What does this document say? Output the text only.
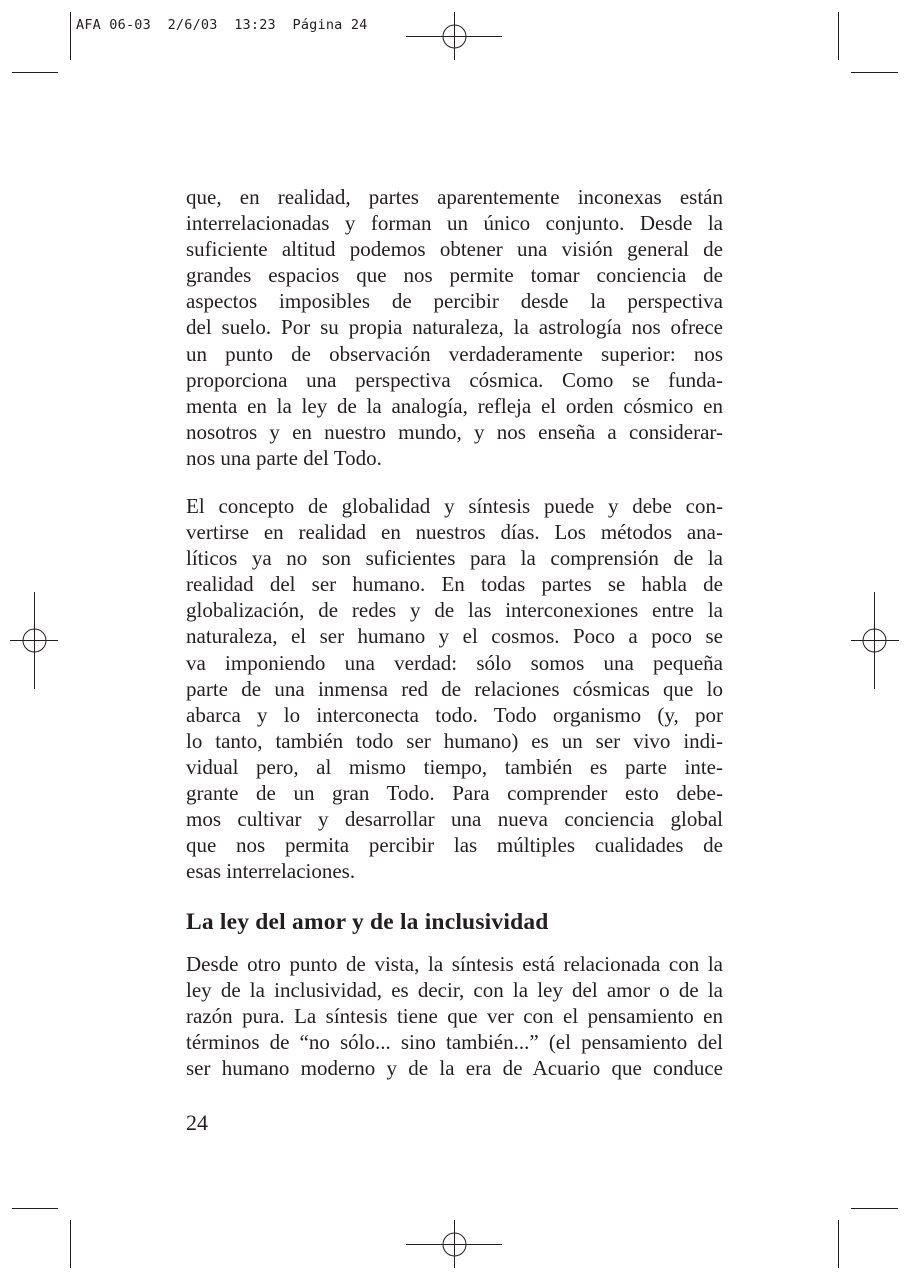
AFA 06-03  2/6/03  13:23  Página 24
que, en realidad, partes aparentemente inconexas están
interrelacionadas y forman un único conjunto. Desde la
suficiente altitud podemos obtener una visión general de
grandes espacios que nos permite tomar conciencia de
aspectos imposibles de percibir desde la perspectiva
del suelo. Por su propia naturaleza, la astrología nos ofrece
un punto de observación verdaderamente superior: nos
proporciona una perspectiva cósmica. Como se funda-
menta en la ley de la analogía, refleja el orden cósmico en
nosotros y en nuestro mundo, y nos enseña a considerar-
nos una parte del Todo.
El concepto de globalidad y síntesis puede y debe con-
vertirse en realidad en nuestros días. Los métodos ana-
líticos ya no son suficientes para la comprensión de la
realidad del ser humano. En todas partes se habla de
globalización, de redes y de las interconexiones entre la
naturaleza, el ser humano y el cosmos. Poco a poco se
va imponiendo una verdad: sólo somos una pequeña
parte de una inmensa red de relaciones cósmicas que lo
abarca y lo interconecta todo. Todo organismo (y, por
lo tanto, también todo ser humano) es un ser vivo indi-
vidual pero, al mismo tiempo, también es parte inte-
grante de un gran Todo. Para comprender esto debe-
mos cultivar y desarrollar una nueva conciencia global
que nos permita percibir las múltiples cualidades de
esas interrelaciones.
La ley del amor y de la inclusividad
Desde otro punto de vista, la síntesis está relacionada con la
ley de la inclusividad, es decir, con la ley del amor o de la
razón pura. La síntesis tiene que ver con el pensamiento en
términos de “no sólo... sino también...” (el pensamiento del
ser humano moderno y de la era de Acuario que conduce

24
